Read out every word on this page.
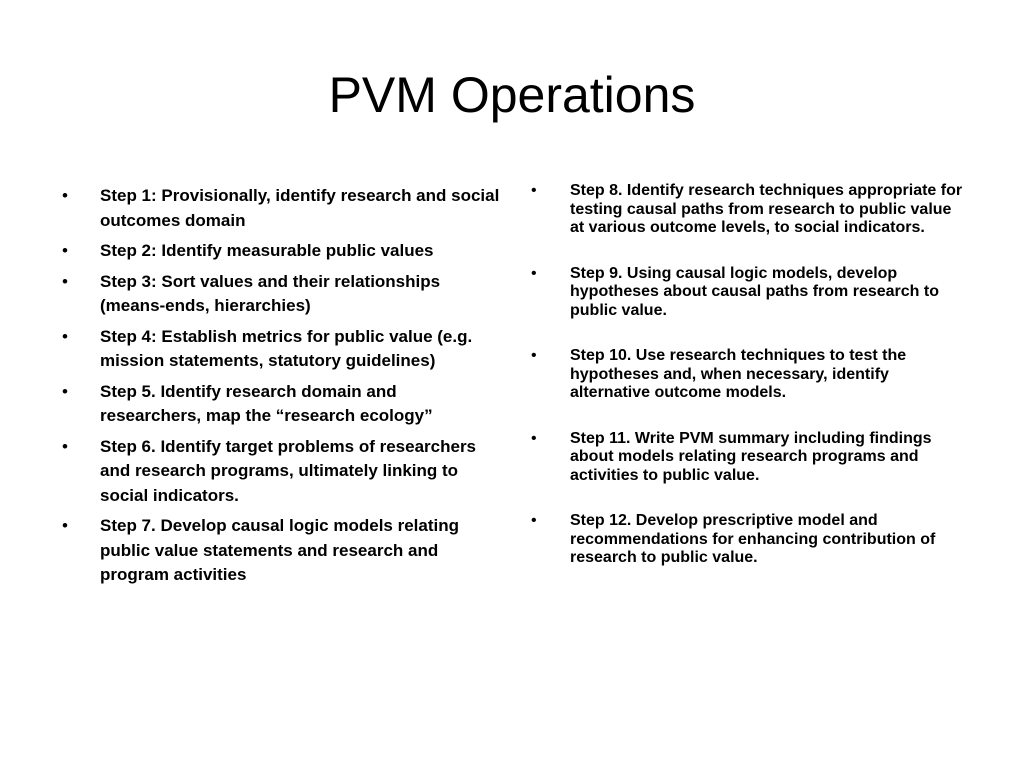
PVM Operations
• Step 1: Provisionally, identify research and social outcomes domain
• Step 2: Identify measurable public values
• Step 3: Sort values and their relationships (means-ends, hierarchies)
• Step 4: Establish metrics for public value (e.g. mission statements, statutory guidelines)
• Step 5. Identify research domain and researchers, map the “research ecology”
• Step 6. Identify target problems of researchers and research programs, ultimately linking to social indicators.
• Step 7. Develop causal logic models relating public value statements and research and program activities
• Step 8. Identify research techniques appropriate for testing causal paths from research to public value at various outcome levels, to social indicators.
• Step 9. Using causal logic models, develop hypotheses about causal paths from research to public value.
• Step 10. Use research techniques to test the hypotheses and, when necessary, identify alternative outcome models.
• Step 11. Write PVM summary including findings about models relating research programs and activities to public value.
• Step 12. Develop prescriptive model and recommendations for enhancing contribution of research to public value.
